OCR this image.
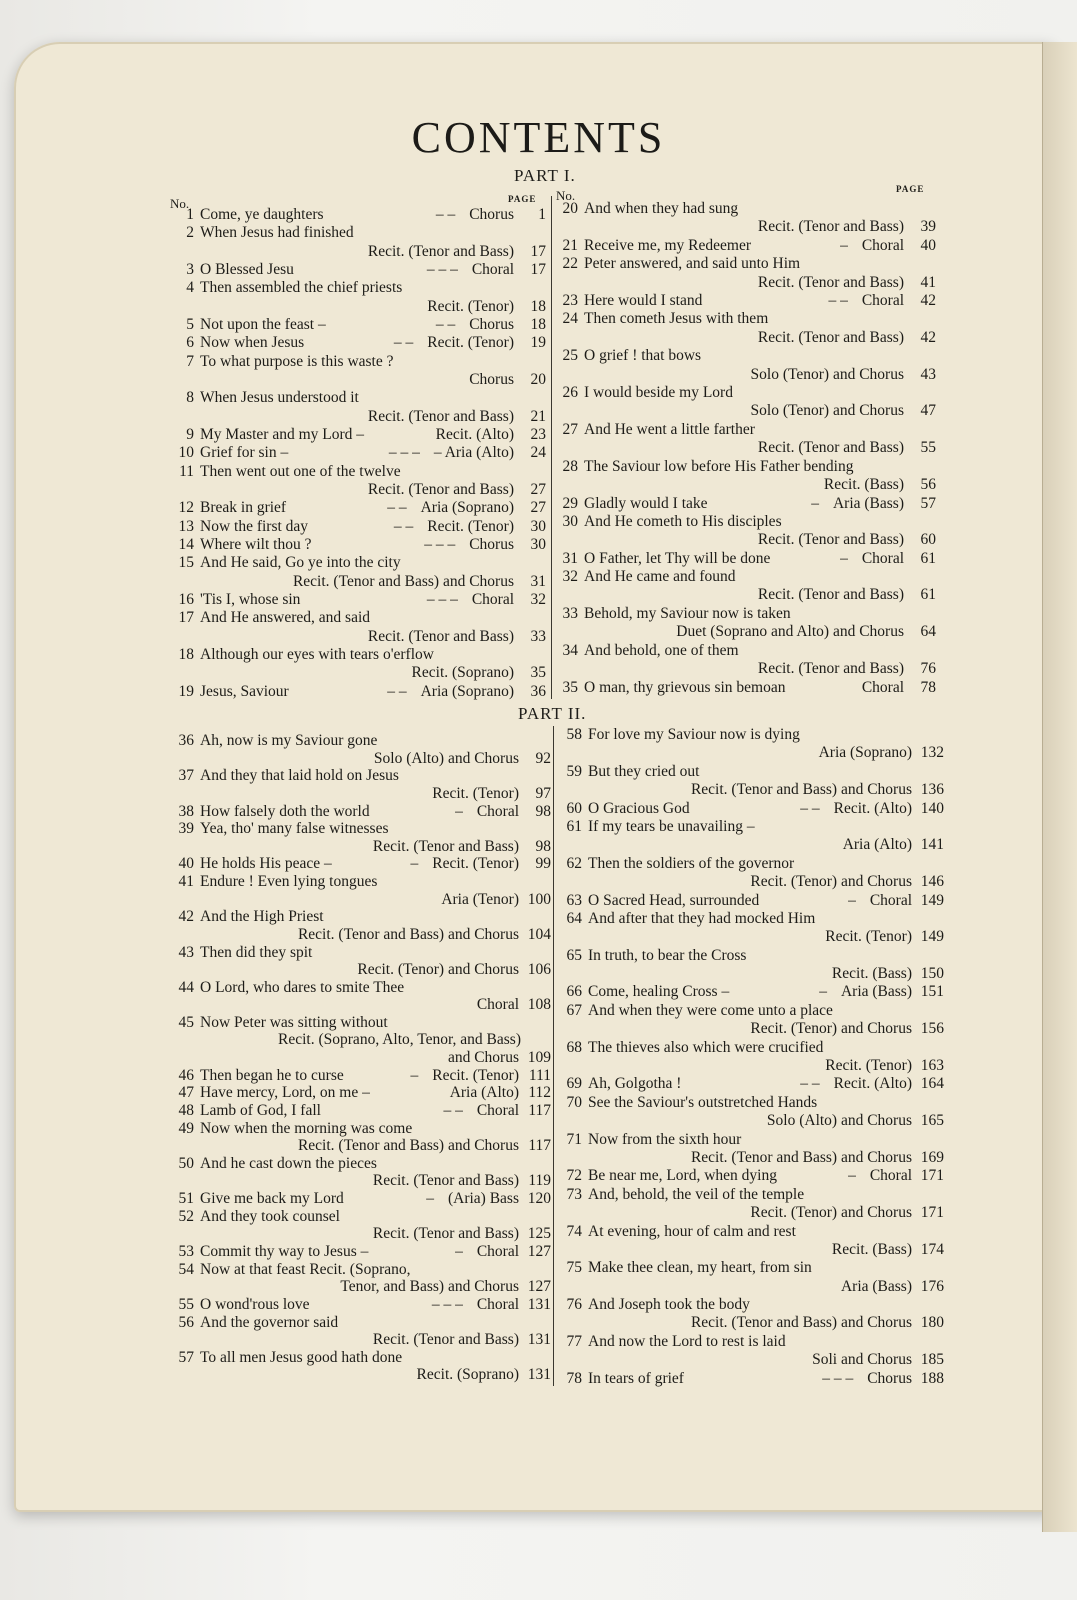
CONTENTS
PART I.
No.	PAGE No.	PAGE
PART II.
1 Come, ye daughters	– – Chorus 1
2 When Jesus had finished
Recit. (Tenor and Bass) 17
3 O Blessed Jesu	– – – Choral 17
4 Then assembled the chief priests
Recit. (Tenor) 18
5 Not upon the feast –	– – Chorus 18
6 Now when Jesus	– – Recit. (Tenor) 19
7 To what purpose is this waste ?
Chorus 20
8 When Jesus understood it
Recit. (Tenor and Bass) 21
9 My Master and my Lord –	Recit. (Alto) 23
10 Grief for sin –	– – – – Aria (Alto) 24
11 Then went out one of the twelve
Recit. (Tenor and Bass) 27
12 Break in grief	– – Aria (Soprano) 27
13 Now the first day	– – Recit. (Tenor) 30
14 Where wilt thou ?	– – – Chorus 30
15 And He said, Go ye into the city
Recit. (Tenor and Bass) and Chorus 31
16 'Tis I, whose sin	– – – Choral 32
17 And He answered, and said
Recit. (Tenor and Bass) 33
18 Although our eyes with tears o'erflow
Recit. (Soprano) 35
19 Jesus, Saviour	– – Aria (Soprano) 36
20 And when they had sung
Recit. (Tenor and Bass) 39
21 Receive me, my Redeemer	– Choral 40
22 Peter answered, and said unto Him
Recit. (Tenor and Bass) 41
23 Here would I stand	– – Choral 42
24 Then cometh Jesus with them
Recit. (Tenor and Bass) 42
25 O grief ! that bows
Solo (Tenor) and Chorus 43
26 I would beside my Lord
Solo (Tenor) and Chorus 47
27 And He went a little farther
Recit. (Tenor and Bass) 55
28 The Saviour low before His Father bending
Recit. (Bass) 56
29 Gladly would I take	– Aria (Bass) 57
30 And He cometh to His disciples
Recit. (Tenor and Bass) 60
31 O Father, let Thy will be done	– Choral 61
32 And He came and found
Recit. (Tenor and Bass) 61
33 Behold, my Saviour now is taken
Duet (Soprano and Alto) and Chorus 64
34 And behold, one of them
Recit. (Tenor and Bass) 76
35 O man, thy grievous sin bemoan	Choral 78
36 Ah, now is my Saviour gone
Solo (Alto) and Chorus 92
37 And they that laid hold on Jesus
Recit. (Tenor) 97
38 How falsely doth the world	– Choral 98
39 Yea, tho' many false witnesses
Recit. (Tenor and Bass) 98
40 He holds His peace –	– Recit. (Tenor) 99
41 Endure ! Even lying tongues
Aria (Tenor) 100
42 And the High Priest
Recit. (Tenor and Bass) and Chorus 104
43 Then did they spit
Recit. (Tenor) and Chorus 106
44 O Lord, who dares to smite Thee
Choral 108
45 Now Peter was sitting without
Recit. (Soprano, Alto, Tenor, and Bass)
and Chorus 109
46 Then began he to curse	– Recit. (Tenor) 111
47 Have mercy, Lord, on me –	Aria (Alto) 112
48 Lamb of God, I fall	– – Choral 117
49 Now when the morning was come
Recit. (Tenor and Bass) and Chorus 117
50 And he cast down the pieces
Recit. (Tenor and Bass) 119
51 Give me back my Lord	– (Aria) Bass 120
52 And they took counsel
Recit. (Tenor and Bass) 125
53 Commit thy way to Jesus –	– Choral 127
54 Now at that feast Recit. (Soprano,
Tenor, and Bass) and Chorus 127
55 O wond'rous love	– – – Choral 131
56 And the governor said
Recit. (Tenor and Bass) 131
57 To all men Jesus good hath done
Recit. (Soprano) 131
58 For love my Saviour now is dying
Aria (Soprano) 132
59 But they cried out
Recit. (Tenor and Bass) and Chorus 136
60 O Gracious God	– – Recit. (Alto) 140
61 If my tears be unavailing –
Aria (Alto) 141
62 Then the soldiers of the governor
Recit. (Tenor) and Chorus 146
63 O Sacred Head, surrounded	– Choral 149
64 And after that they had mocked Him
Recit. (Tenor) 149
65 In truth, to bear the Cross
Recit. (Bass) 150
66 Come, healing Cross –	– Aria (Bass) 151
67 And when they were come unto a place
Recit. (Tenor) and Chorus 156
68 The thieves also which were crucified
Recit. (Tenor) 163
69 Ah, Golgotha !	– – Recit. (Alto) 164
70 See the Saviour's outstretched Hands
Solo (Alto) and Chorus 165
71 Now from the sixth hour
Recit. (Tenor and Bass) and Chorus 169
72 Be near me, Lord, when dying	– Choral 171
73 And, behold, the veil of the temple
Recit. (Tenor) and Chorus 171
74 At evening, hour of calm and rest
Recit. (Bass) 174
75 Make thee clean, my heart, from sin
Aria (Bass) 176
76 And Joseph took the body
Recit. (Tenor and Bass) and Chorus 180
77 And now the Lord to rest is laid
Soli and Chorus 185
78 In tears of grief	– – – Chorus 188
